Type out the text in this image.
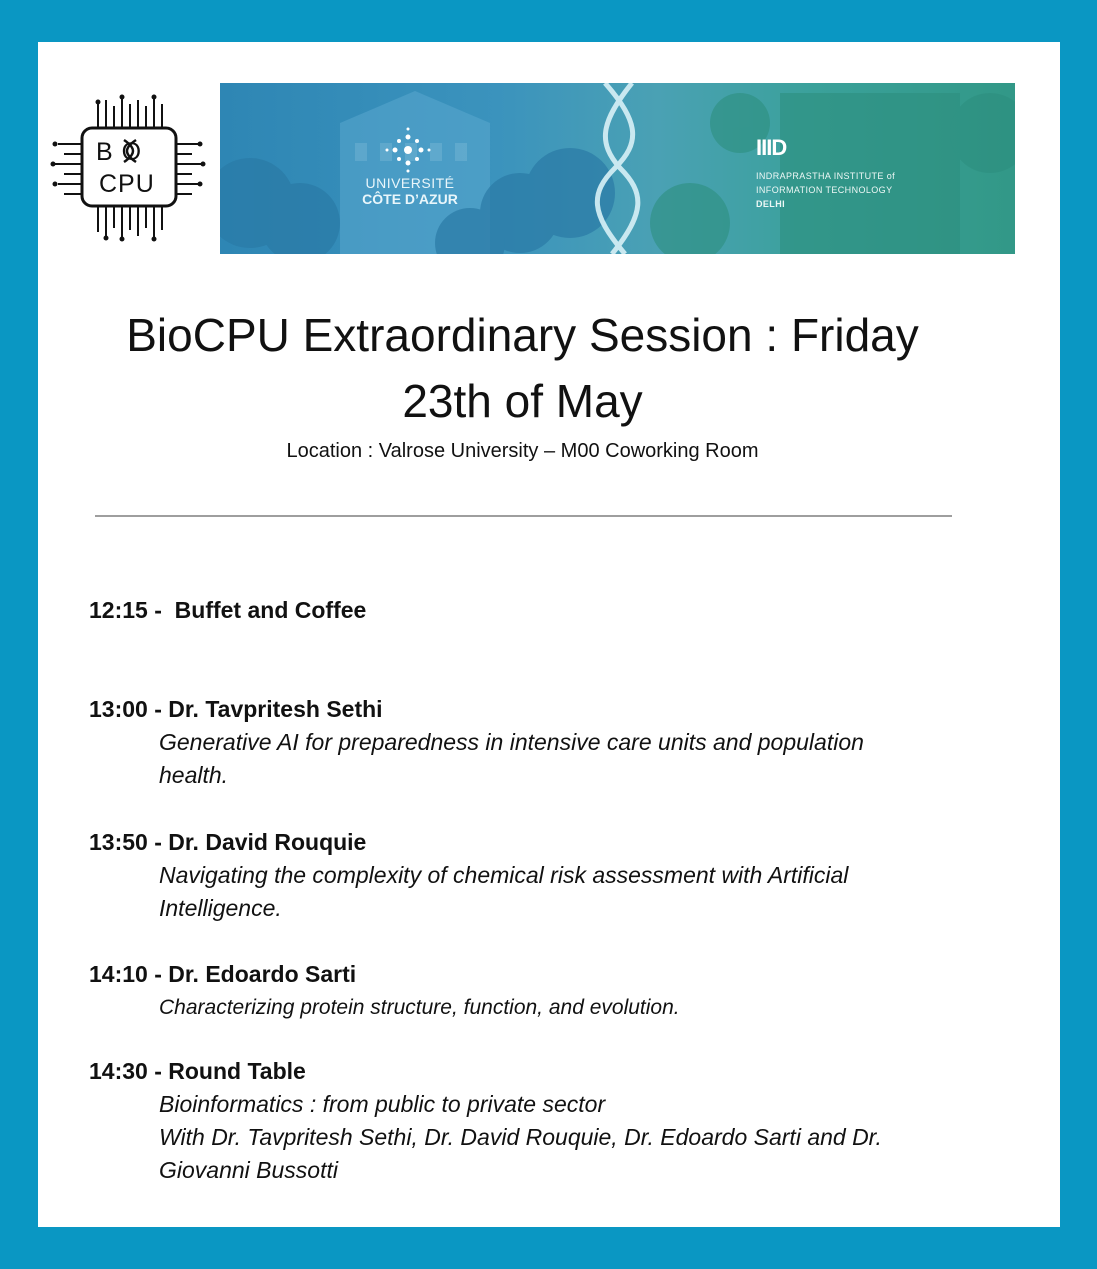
B O
CPU	UNIVERSITÉ
CÔTE D’AZUR
IIID
INDRAPRASTHA INSTITUTE of
INFORMATION TECHNOLOGY
DELHI
BioCPU Extraordinary Session : Friday
23th of May
Location : Valrose University – M00 Coworking Room
12:15 -  Buffet and Coffee
13:00 - Dr. Tavpritesh Sethi
Generative AI for preparedness in intensive care units and population
health.
13:50 - Dr. David Rouquie
Navigating the complexity of chemical risk assessment with Artificial
Intelligence.
14:10 - Dr. Edoardo Sarti
Characterizing protein structure, function, and evolution.
14:30 - Round Table
Bioinformatics : from public to private sector
With Dr. Tavpritesh Sethi, Dr. David Rouquie, Dr. Edoardo Sarti and Dr.
Giovanni Bussotti
